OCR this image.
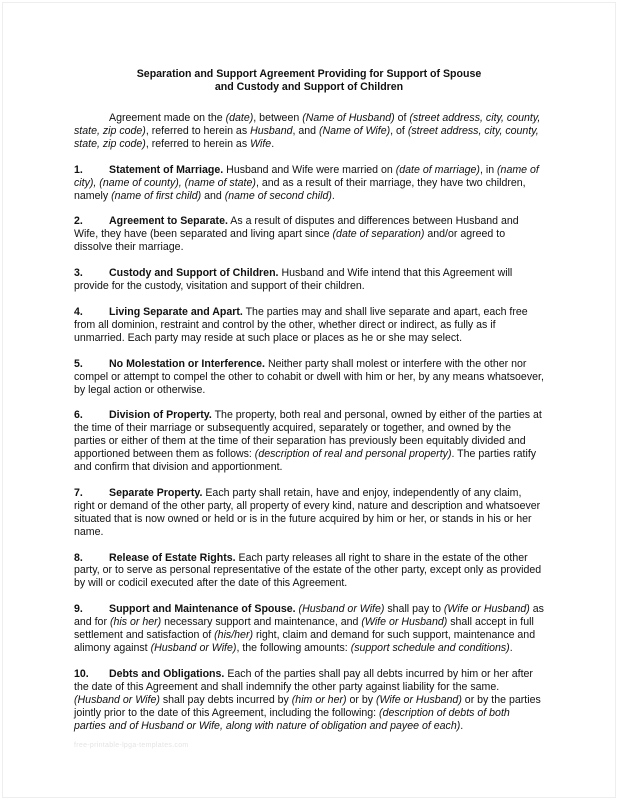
Separation and Support Agreement Providing for Support of Spouse
and Custody and Support of Children

Agreement made on the (date), between (Name of Husband) of (street address, city, county, state, zip code), referred to herein as Husband, and (Name of Wife), of (street address, city, county, state, zip code), referred to herein as Wife.

1. Statement of Marriage. Husband and Wife were married on (date of marriage), in (name of city), (name of county), (name of state), and as a result of their marriage, they have two children, namely (name of first child) and (name of second child).

2. Agreement to Separate. As a result of disputes and differences between Husband and Wife, they have (been separated and living apart since (date of separation) and/or agreed to dissolve their marriage.

3. Custody and Support of Children. Husband and Wife intend that this Agreement will provide for the custody, visitation and support of their children.

4. Living Separate and Apart. The parties may and shall live separate and apart, each free from all dominion, restraint and control by the other, whether direct or indirect, as fully as if unmarried. Each party may reside at such place or places as he or she may select.

5. No Molestation or Interference. Neither party shall molest or interfere with the other nor compel or attempt to compel the other to cohabit or dwell with him or her, by any means whatsoever, by legal action or otherwise.

6. Division of Property. The property, both real and personal, owned by either of the parties at the time of their marriage or subsequently acquired, separately or together, and owned by the parties or either of them at the time of their separation has previously been equitably divided and apportioned between them as follows: (description of real and personal property). The parties ratify and confirm that division and apportionment.

7. Separate Property. Each party shall retain, have and enjoy, independently of any claim, right or demand of the other party, all property of every kind, nature and description and whatsoever situated that is now owned or held or is in the future acquired by him or her, or stands in his or her name.

8. Release of Estate Rights. Each party releases all right to share in the estate of the other party, or to serve as personal representative of the estate of the other party, except only as provided by will or codicil executed after the date of this Agreement.

9. Support and Maintenance of Spouse. (Husband or Wife) shall pay to (Wife or Husband) as and for (his or her) necessary support and maintenance, and (Wife or Husband) shall accept in full settlement and satisfaction of (his/her) right, claim and demand for such support, maintenance and alimony against (Husband or Wife), the following amounts: (support schedule and conditions).

10. Debts and Obligations. Each of the parties shall pay all debts incurred by him or her after the date of this Agreement and shall indemnify the other party against liability for the same. (Husband or Wife) shall pay debts incurred by (him or her) or by (Wife or Husband) or by the parties jointly prior to the date of this Agreement, including the following: (description of debts of both parties and of Husband or Wife, along with nature of obligation and payee of each).

free-printable-lpga-templates.com
